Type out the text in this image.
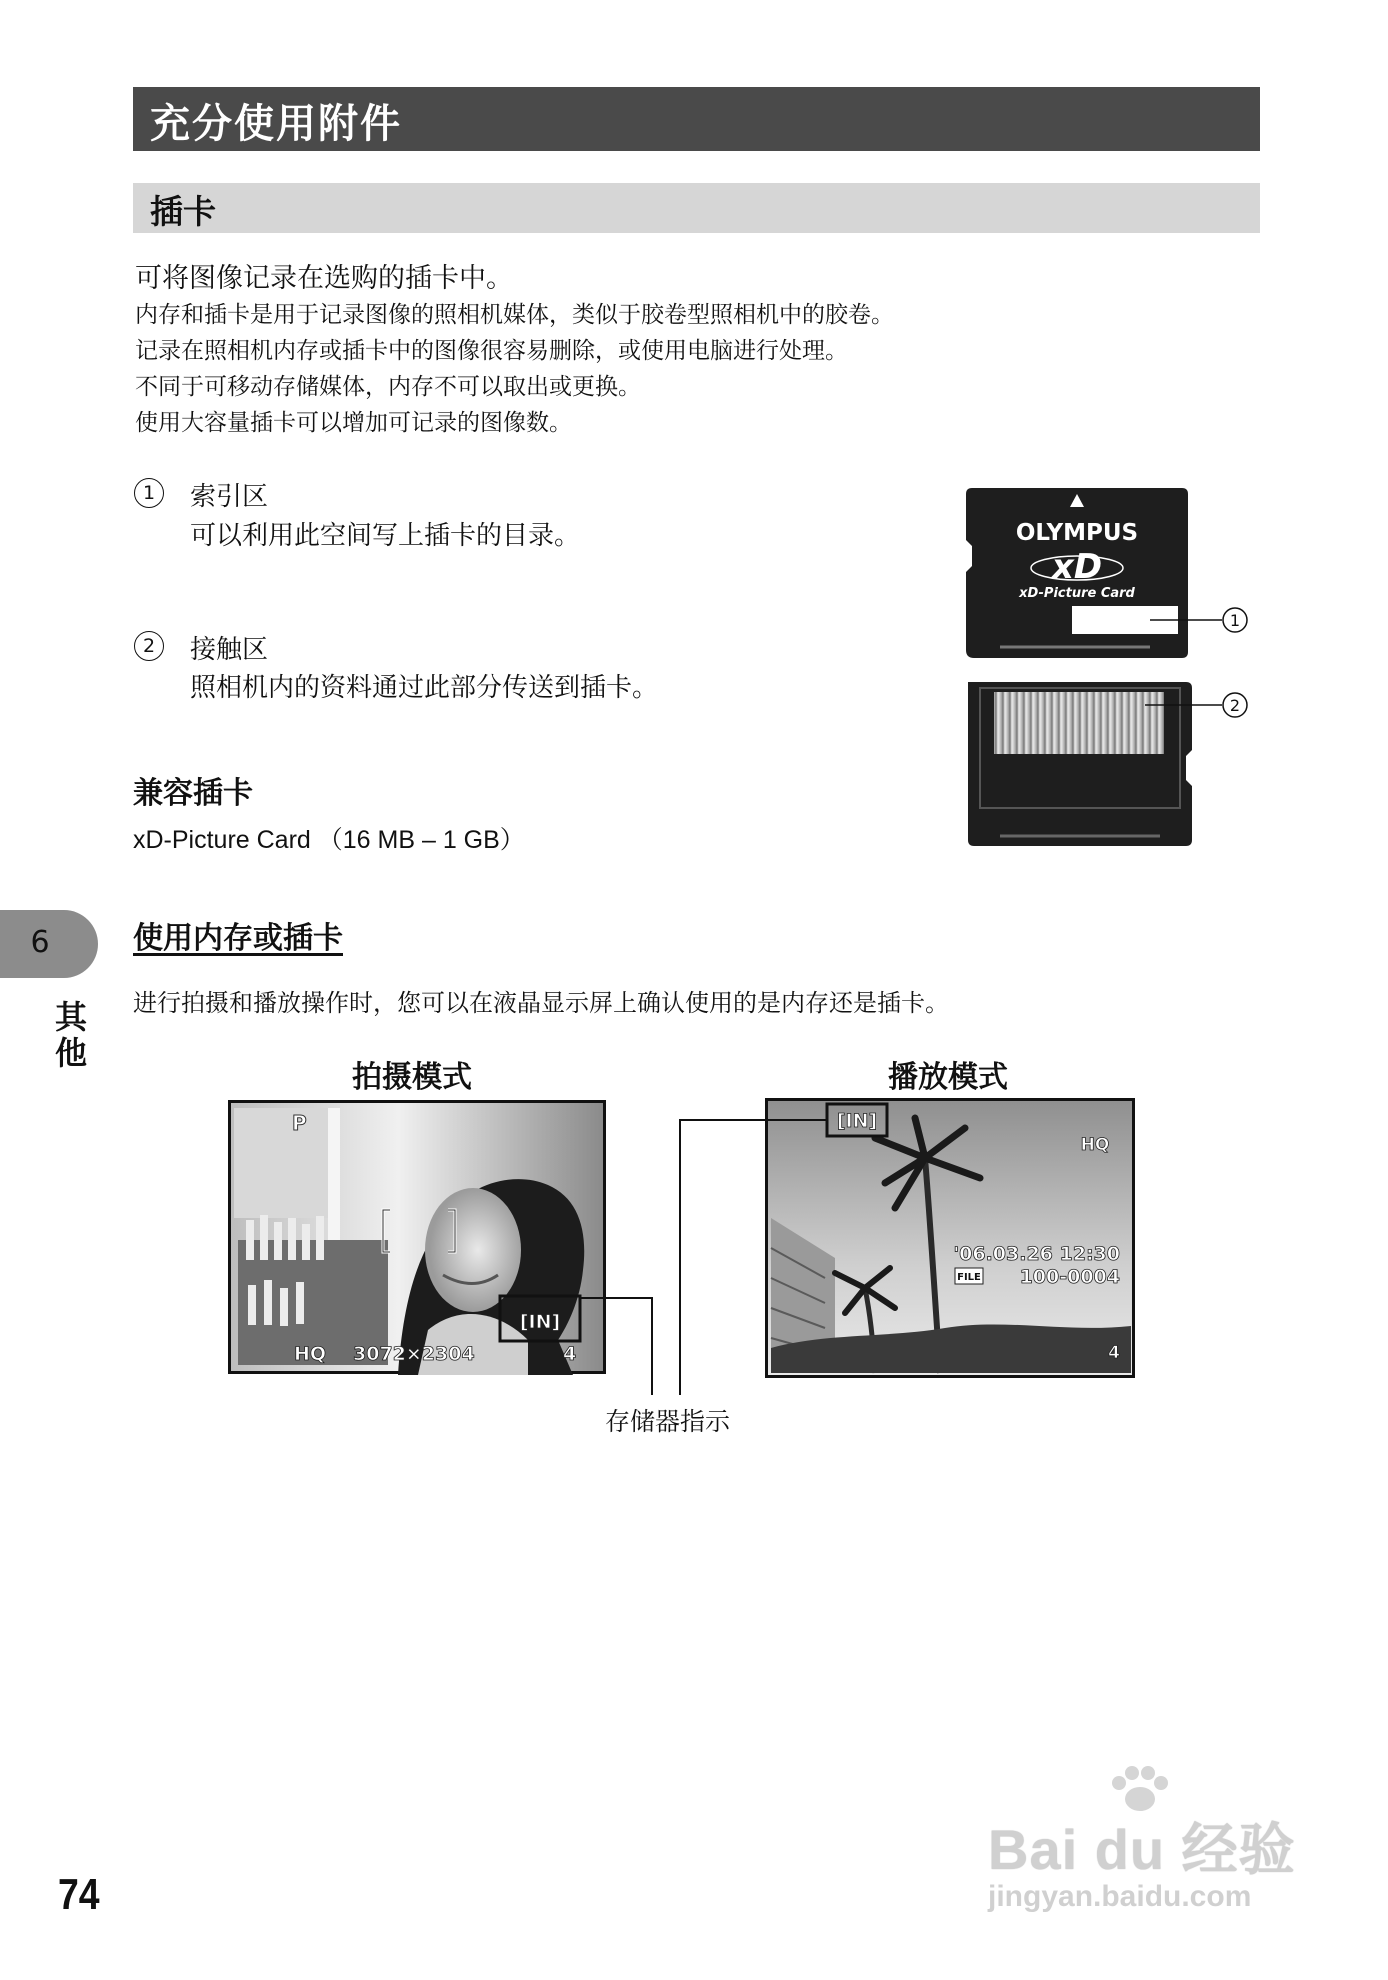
充分使用附件
插卡
可将图像记录在选购的插卡中。
内存和插卡是用于记录图像的照相机媒体，类似于胶卷型照相机中的胶卷。
记录在照相机内存或插卡中的图像很容易删除，或使用电脑进行处理。
不同于可移动存储媒体，内存不可以取出或更换。
使用大容量插卡可以增加可记录的图像数。
1	索引区
可以利用此空间写上插卡的目录。
2	接触区
照相机内的资料通过此部分传送到插卡。
OLYMPUS
xD
xD-Picture Card
1
2
兼容插卡
xD-Picture Card （16 MB – 1 GB）
6
其他
使用内存或插卡
进行拍摄和播放操作时，您可以在液晶显示屏上确认使用的是内存还是插卡。
拍摄模式	播放模式
P
[IN]
HQ 3072×2304	4
[IN]
HQ
'06.03.26 12:30
FILE 100-0004
4
存储器指示
74
Bai du 经验
jingyan.baidu.com
